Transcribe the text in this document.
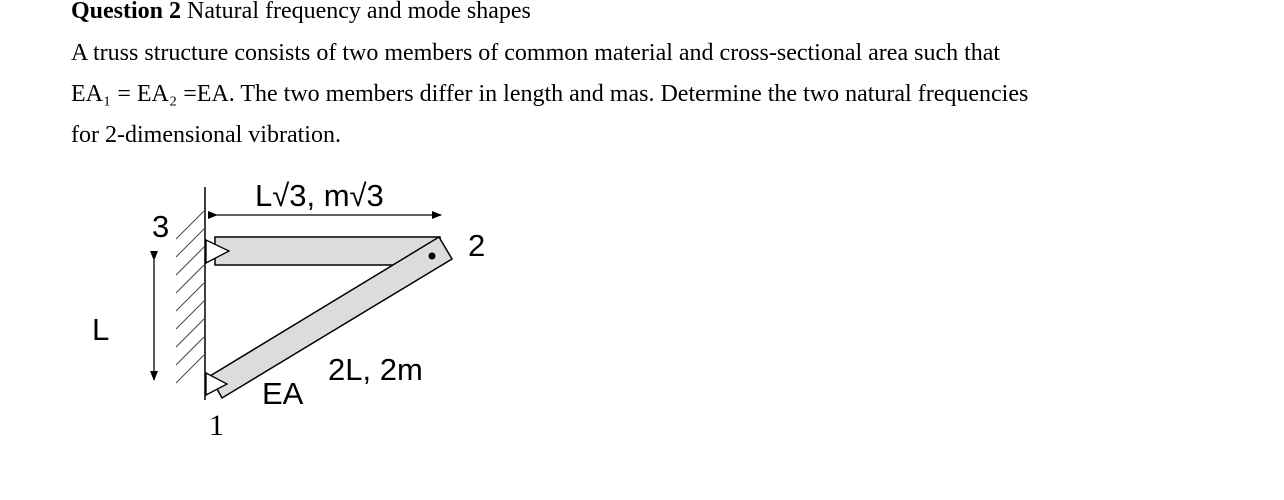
Question 2 Natural frequency and mode shapes
A truss structure consists of two members of common material and cross-sectional area such that
EA₁ = EA₂ =EA. The two members differ in length and mas. Determine the two natural frequencies
for 2-dimensional vibration.
L√3, m√3
2L, 2m
EA
L
3
2
1
